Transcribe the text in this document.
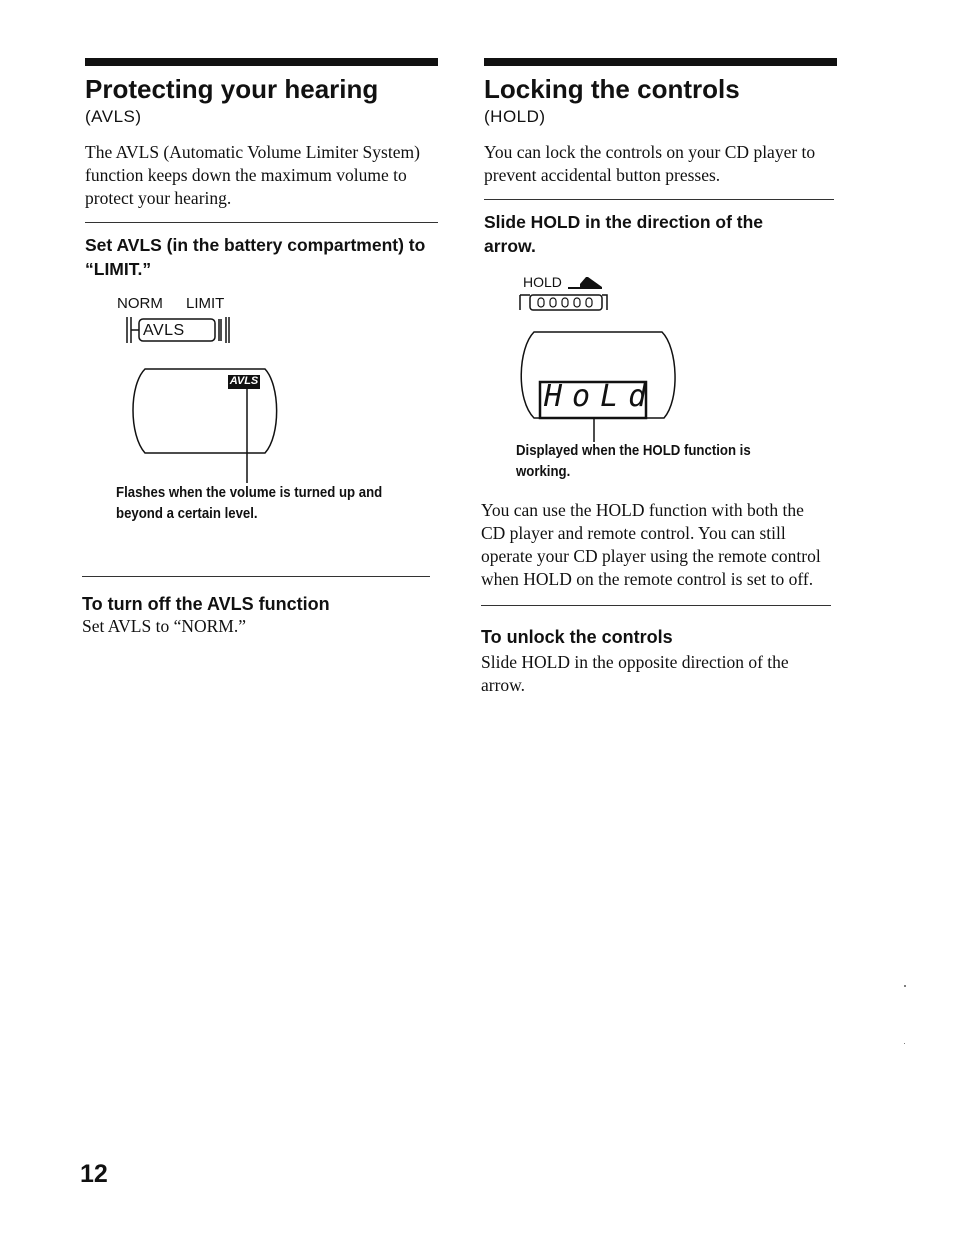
Protecting your hearing
(AVLS)

The AVLS (Automatic Volume Limiter System) function keeps down the maximum volume to protect your hearing.

Set AVLS (in the battery compartment) to “LIMIT.”
NORM LIMIT
AVLS
AVLS

Flashes when the volume is turned up and beyond a certain level.

To turn off the AVLS function

Set AVLS to “NORM.”

Locking the controls
(HOLD)

You can lock the controls on your CD player to prevent accidental button presses.

Slide HOLD in the direction of the arrow.
HOLD
HoLd

Displayed when the HOLD function is working.

You can use the HOLD function with both the CD player and remote control. You can still operate your CD player using the remote control when HOLD on the remote control is set to off.

To unlock the controls

Slide HOLD in the opposite direction of the arrow.

12
